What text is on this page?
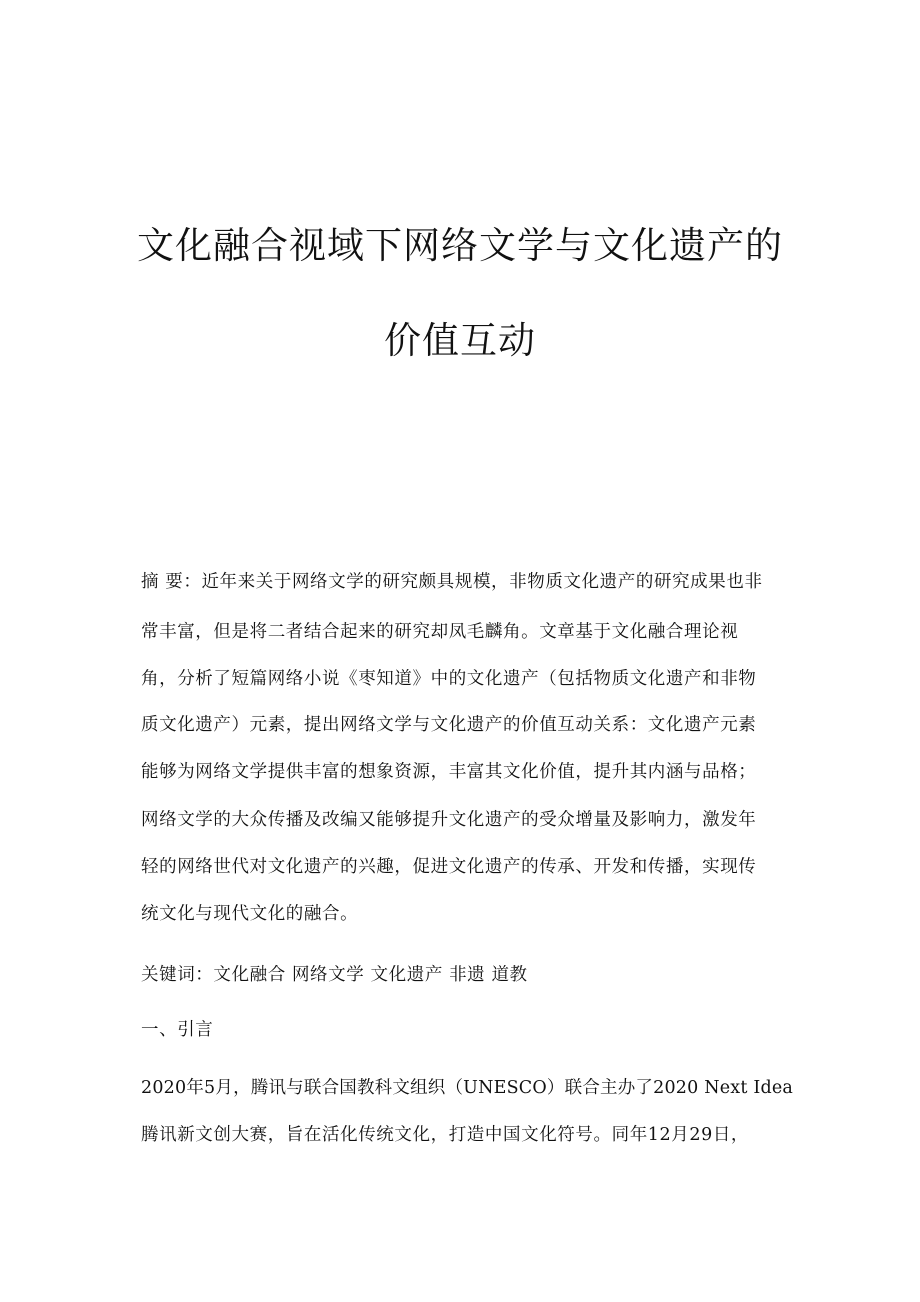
文化融合视域下网络文学与文化遗产的
价值互动
摘 要：近年来关于网络文学的研究颇具规模，非物质文化遗产的研究成果也非
常丰富，但是将二者结合起来的研究却凤毛麟角。文章基于文化融合理论视
角，分析了短篇网络小说《枣知道》中的文化遗产（包括物质文化遗产和非物
质文化遗产）元素，提出网络文学与文化遗产的价值互动关系：文化遗产元素
能够为网络文学提供丰富的想象资源，丰富其文化价值，提升其内涵与品格；
网络文学的大众传播及改编又能够提升文化遗产的受众增量及影响力，激发年
轻的网络世代对文化遗产的兴趣，促进文化遗产的传承、开发和传播，实现传
统文化与现代文化的融合。
关键词：文化融合 网络文学 文化遗产 非遗 道教
一、引言
2020年5月，腾讯与联合国教科文组织（UNESCO）联合主办了2020 Next Idea
腾讯新文创大赛，旨在活化传统文化，打造中国文化符号。同年12月29日，
